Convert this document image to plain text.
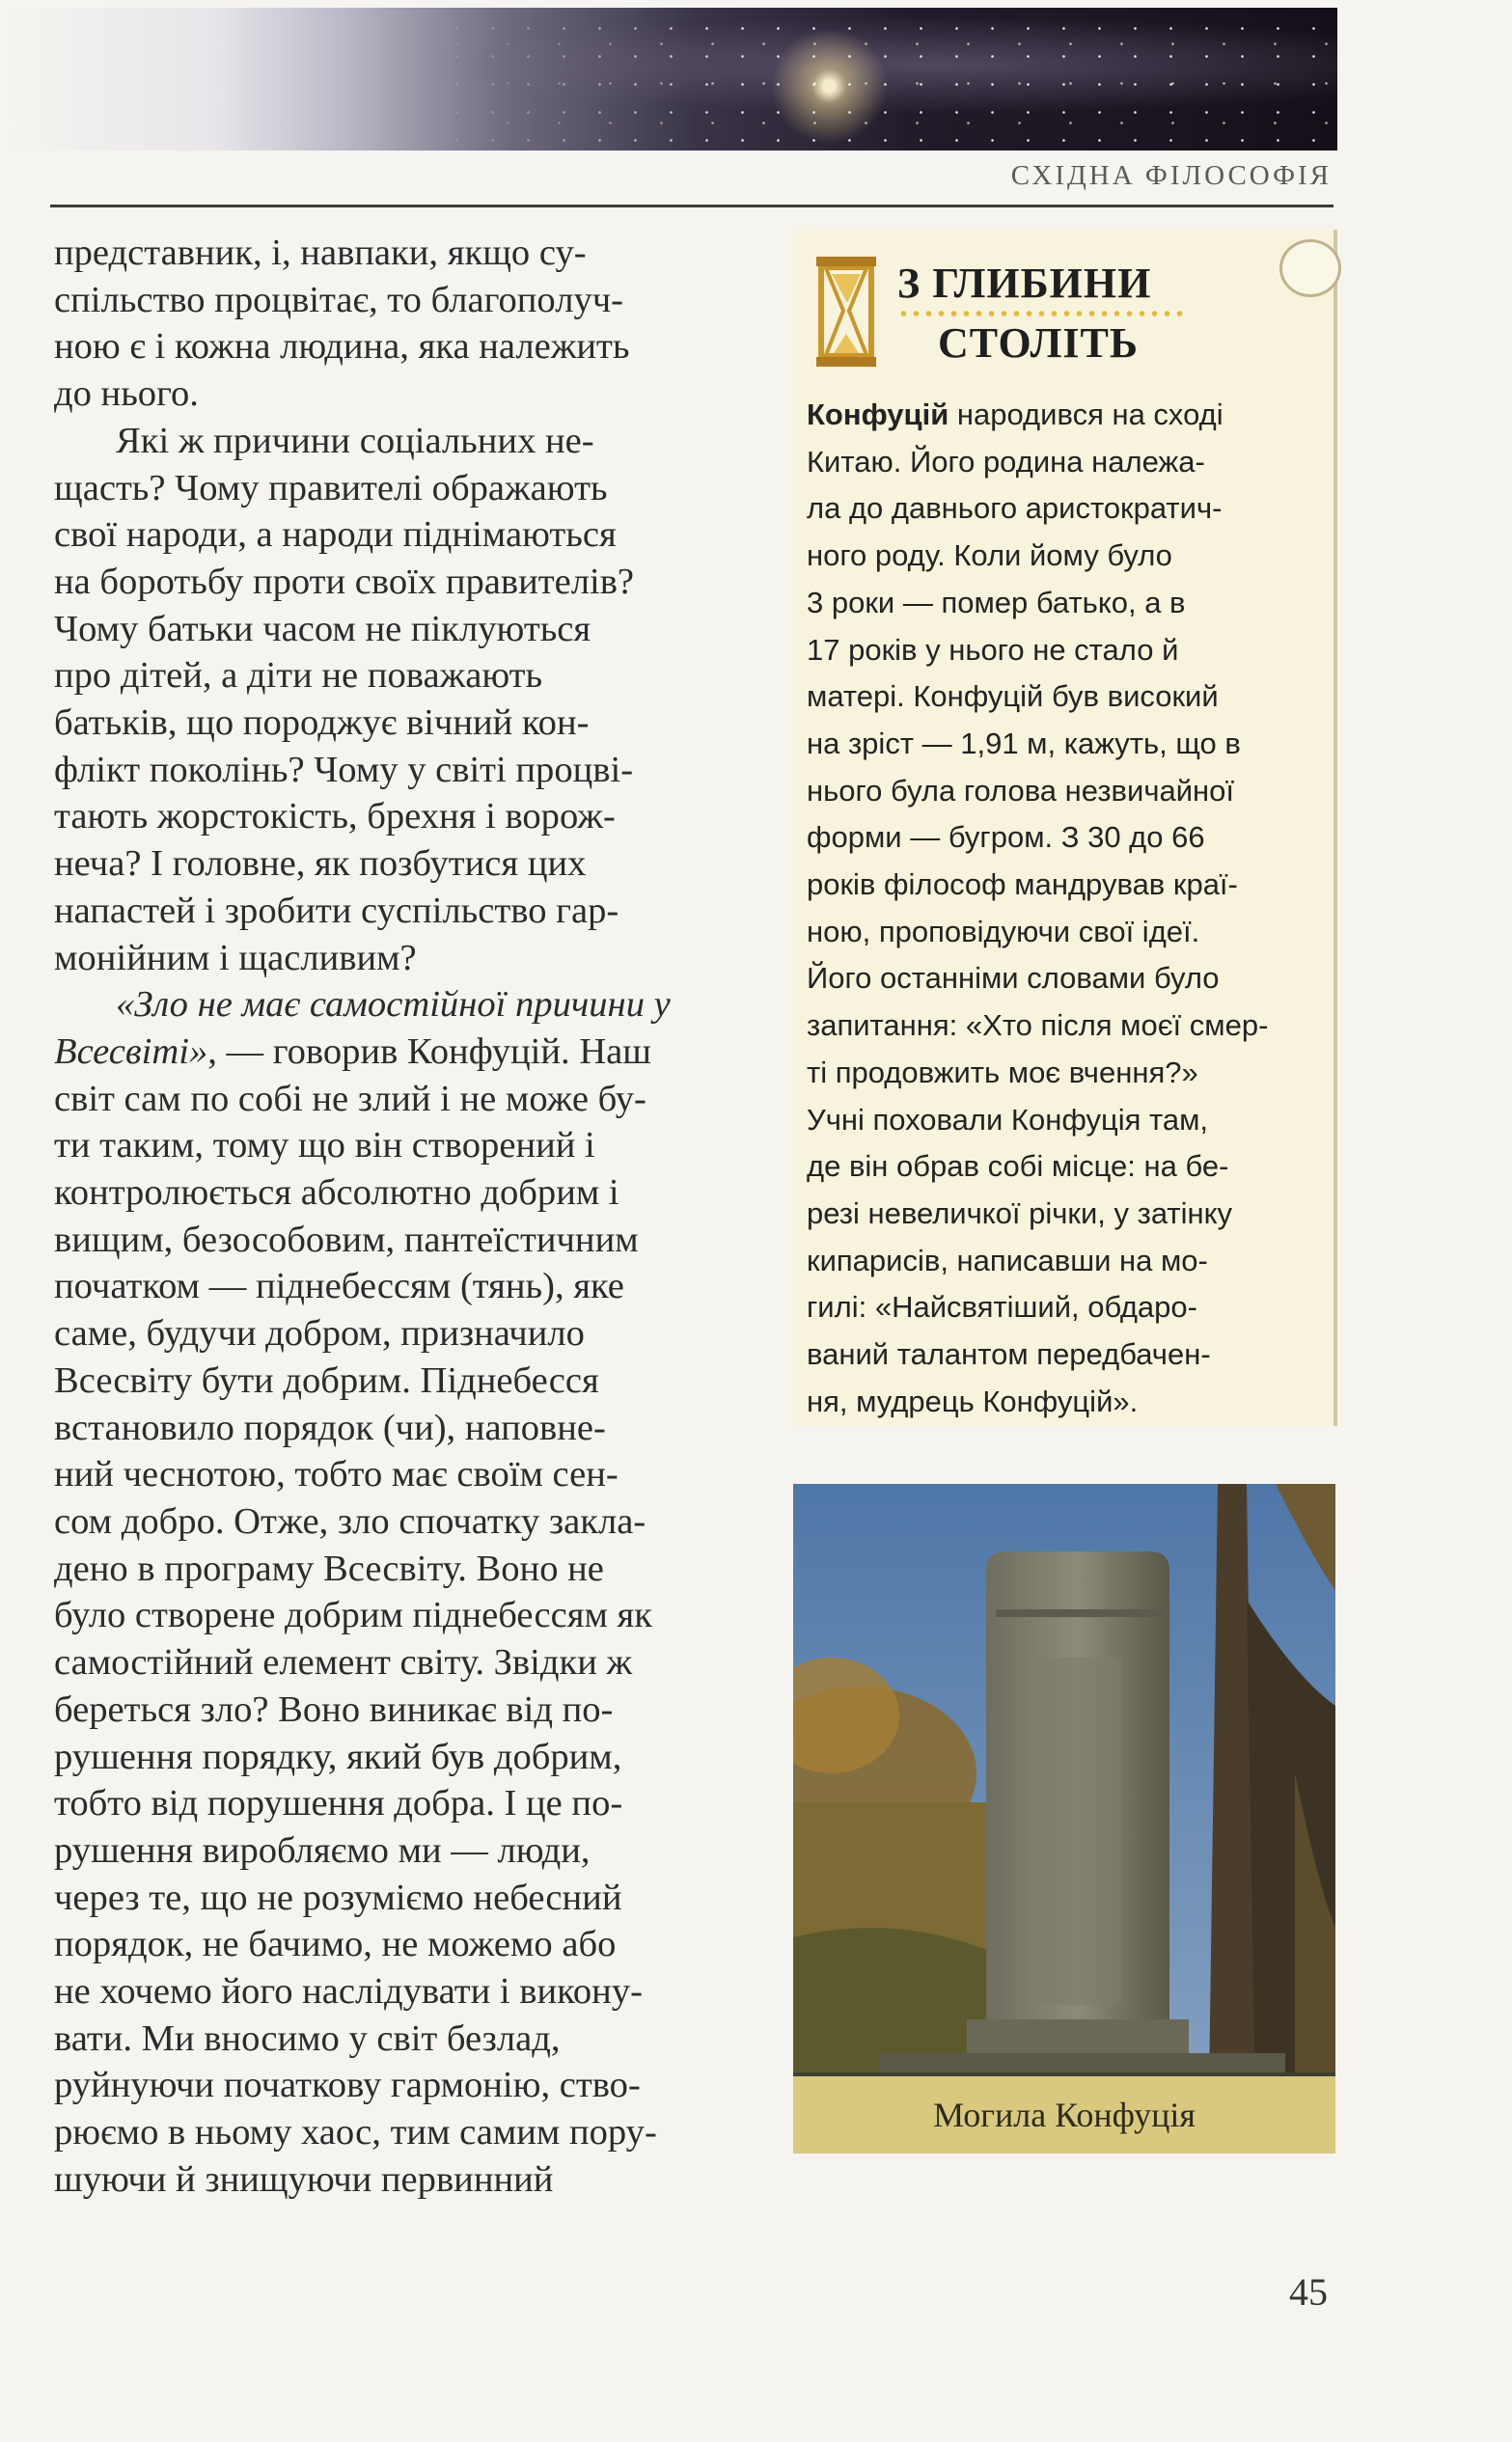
СХІДНА ФІЛОСОФІЯ

представник, і, навпаки, якщо су-

спільство процвітає, то благополуч-

ною є і кожна людина, яка належить

до нього.

Які ж причини соціальних не-

щасть? Чому правителі ображають

свої народи, а народи піднімаються

на боротьбу проти своїх правителів?

Чому батьки часом не піклуються

про дітей, а діти не поважають

батьків, що породжує вічний кон-

флікт поколінь? Чому у світі процві-

тають жорстокість, брехня і ворож-

неча? І головне, як позбутися цих

напастей і зробити суспільство гар-

монійним і щасливим?

«Зло не має самостійної причини у

Всесвіті», — говорив Конфуцій. Наш

світ сам по собі не злий і не може бу-

ти таким, тому що він створений і

контролюється абсолютно добрим і

вищим, безособовим, пантеїстичним

початком — піднебессям (тянь), яке

саме, будучи добром, призначило

Всесвіту бути добрим. Піднебесся

встановило порядок (чи), наповне-

ний чеснотою, тобто має своїм сен-

сом добро. Отже, зло спочатку закла-

дено в програму Всесвіту. Воно не

було створене добрим піднебессям як

самостійний елемент світу. Звідки ж

береться зло? Воно виникає від по-

рушення порядку, який був добрим,

тобто від порушення добра. І це по-

рушення виробляємо ми — люди,

через те, що не розуміємо небесний

порядок, не бачимо, не можемо або

не хочемо його наслідувати і викону-

вати. Ми вносимо у світ безлад,

руйнуючи початкову гармонію, ство-

рюємо в ньому хаос, тим самим пору-

шуючи й знищуючи первинний

З ГЛИБИНИ
СТОЛІТЬ
Конфуцій народився на сході
Китаю. Його родина належа-
ла до давнього аристократич-
ного роду. Коли йому було
3 роки — помер батько, а в
17 років у нього не стало й
матері. Конфуцій був високий
на зріст — 1,91 м, кажуть, що в
нього була голова незвичайної
форми — бугром. З 30 до 66
років філософ мандрував краї-
ною, проповідуючи свої ідеї.
Його останніми словами було
запитання: «Хто після моєї смер-
ті продовжить моє вчення?»
Учні поховали Конфуція там,
де він обрав собі місце: на бе-
резі невеличкої річки, у затінку
кипарисів, написавши на мо-
гилі: «Найсвятіший, обдаро-
ваний талантом передбачен-
ня, мудрець Конфуцій».
Могила Конфуція
45
